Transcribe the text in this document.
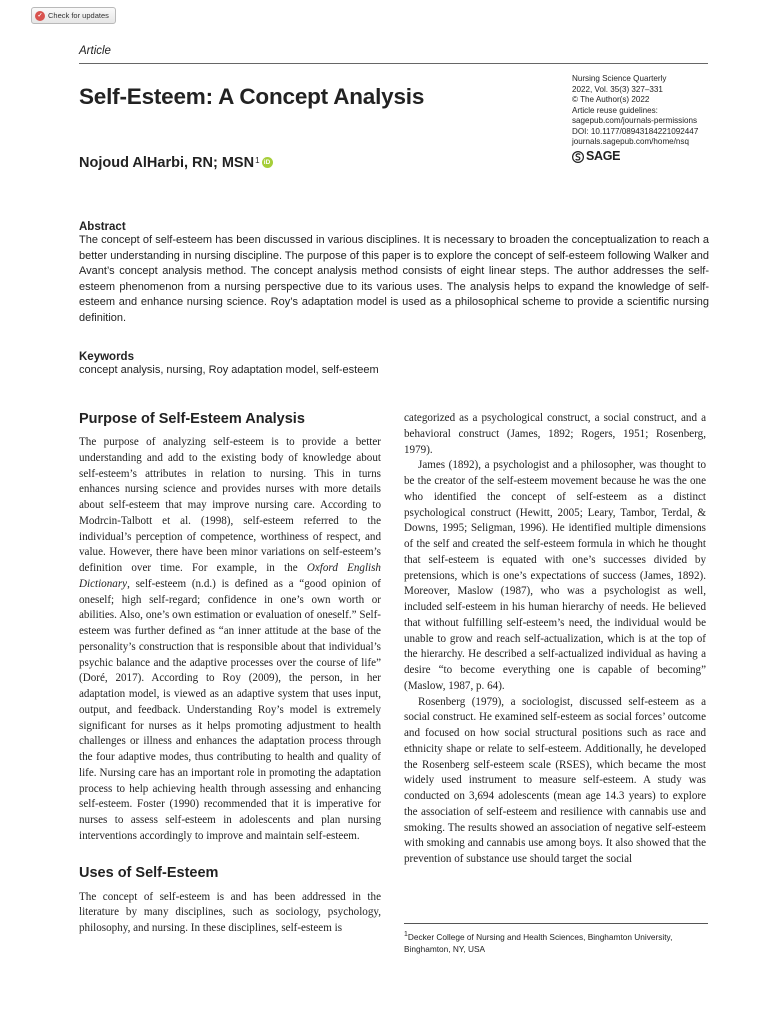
✓ Check for updates
Article
Self-Esteem: A Concept Analysis
Nojoud AlHarbi, RN; MSN 1 iD
Nursing Science Quarterly
2022, Vol. 35(3) 327–331
© The Author(s) 2022
Article reuse guidelines:
sagepub.com/journals-permissions
DOI: 10.1177/08943184221092447
journals.sagepub.com/home/nsq
SAGE

Abstract

The concept of self-esteem has been discussed in various disciplines. It is necessary to broaden the conceptualization to reach a better understanding in nursing discipline. The purpose of this paper is to explore the concept of self-esteem following Walker and Avant’s concept analysis method. The concept analysis method consists of eight linear steps. The author addresses the self-esteem phenomenon from a nursing perspective due to its various uses. The analysis helps to expand the knowledge of self-esteem and enhance nursing science. Roy’s adaptation model is used as a philosophical scheme to provide a scientific nursing definition.

Keywords

concept analysis, nursing, Roy adaptation model, self-esteem

Purpose of Self-Esteem Analysis

The purpose of analyzing self-esteem is to provide a better understanding and add to the existing body of knowledge about self-esteem’s attributes in relation to nursing. This in turns enhances nursing science and provides nurses with more details about self-esteem that may improve nursing care. According to Modrcin-Talbott et al. (1998), self-esteem referred to the individual’s perception of competence, worthiness of respect, and value. However, there have been minor variations on self-esteem’s definition over time. For example, in the Oxford English Dictionary, self-esteem (n.d.) is defined as a “good opinion of oneself; high self-regard; confidence in one’s own worth or abilities. Also, one’s own estimation or evaluation of oneself.” Self-esteem was further defined as “an inner attitude at the base of the personality’s construction that is responsible about that individual’s psychic balance and the adaptive processes over the course of life” (Doré, 2017). According to Roy (2009), the person, in her adaptation model, is viewed as an adaptive system that uses input, output, and feedback. Understanding Roy’s model is extremely significant for nurses as it helps promoting adjustment to health challenges or illness and enhances the adaptation process through the four adaptive modes, thus contributing to health and quality of life. Nursing care has an important role in promoting the adaptation process to help achieving health through assessing and enhancing self-esteem. Foster (1990) recommended that it is imperative for nurses to assess self-esteem in adolescents and plan nursing interventions accordingly to improve and maintain self-esteem.

Uses of Self-Esteem

The concept of self-esteem is and has been addressed in the literature by many disciplines, such as sociology, psychology, philosophy, and nursing. In these disciplines, self-esteem is

categorized as a psychological construct, a social construct, and a behavioral construct (James, 1892; Rogers, 1951; Rosenberg, 1979).

James (1892), a psychologist and a philosopher, was thought to be the creator of the self-esteem movement because he was the one who identified the concept of self-esteem as a distinct psychological construct (Hewitt, 2005; Leary, Tambor, Terdal, & Downs, 1995; Seligman, 1996). He identified multiple dimensions of the self and created the self-esteem formula in which he thought that self-esteem is equated with one’s successes divided by pretensions, which is one’s expectations of success (James, 1892). Moreover, Maslow (1987), who was a psychologist as well, included self-esteem in his human hierarchy of needs. He believed that without fulfilling self-esteem’s need, the individual would be unable to grow and reach self-actualization, which is at the top of the hierarchy. He described a self-actualized individual as having a desire “to become everything one is capable of becoming” (Maslow, 1987, p. 64).

Rosenberg (1979), a sociologist, discussed self-esteem as a social construct. He examined self-esteem as social forces’ outcome and focused on how social structural positions such as race and ethnicity shape or relate to self-esteem. Additionally, he developed the Rosenberg self-esteem scale (RSES), which became the most widely used instrument to measure self-esteem. A study was conducted on 3,694 adolescents (mean age 14.3 years) to explore the association of self-esteem and resilience with cannabis use and smoking. The results showed an association of negative self-esteem with smoking and cannabis use among boys. It also showed that the prevention of substance use should target the social

$^1$Decker College of Nursing and Health Sciences, Binghamton University, Binghamton, NY, USA
